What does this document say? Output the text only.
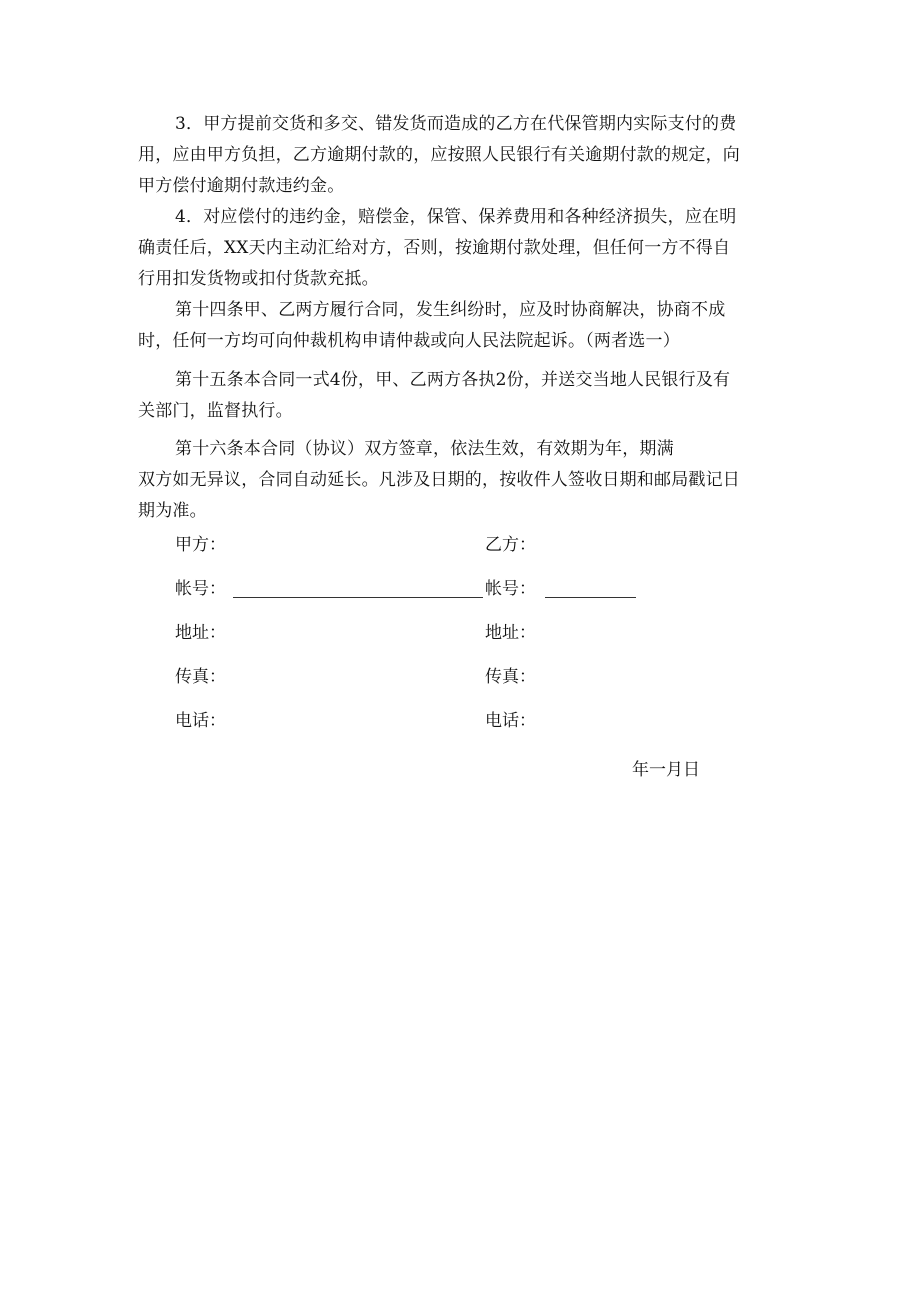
3．甲方提前交货和多交、错发货而造成的乙方在代保管期内实际支付的费
用，应由甲方负担，乙方逾期付款的，应按照人民银行有关逾期付款的规定，向
甲方偿付逾期付款违约金。
4．对应偿付的违约金，赔偿金，保管、保养费用和各种经济损失，应在明
确责任后，XX天内主动汇给对方，否则，按逾期付款处理，但任何一方不得自
行用扣发货物或扣付货款充抵。
第十四条甲、乙两方履行合同，发生纠纷时，应及时协商解决，协商不成
时，任何一方均可向仲裁机构申请仲裁或向人民法院起诉。（两者选一）
第十五条本合同一式4份，甲、乙两方各执2份，并送交当地人民银行及有
关部门，监督执行。
第十六条本合同（协议）双方签章，依法生效，有效期为年，期满
双方如无异议，合同自动延长。凡涉及日期的，按收件人签收日期和邮局戳记日
期为准。
甲方：
帐号：
地址：
传真：
电话：
乙方：
帐号：
地址：
传真：
电话：
年一月日
